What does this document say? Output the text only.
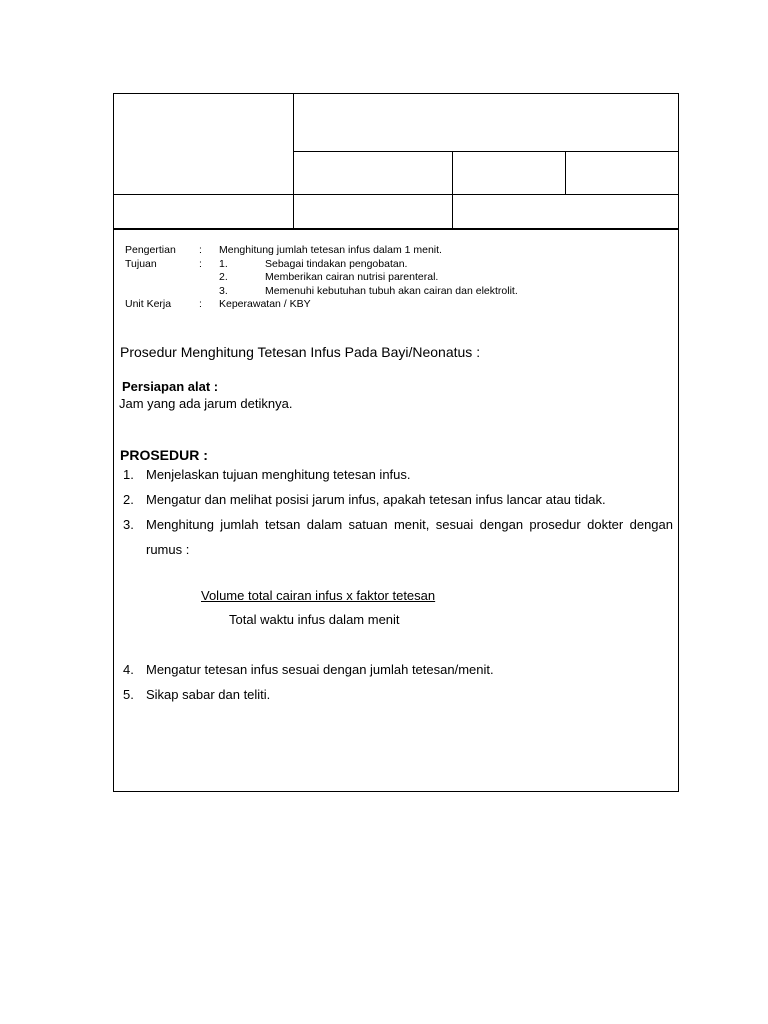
Pengertian : Menghitung jumlah tetesan infus dalam 1 menit.
Tujuan	: 1.	Sebagai tindakan pengobatan.
2.	Memberikan cairan nutrisi parenteral.
3.	Memenuhi kebutuhan tubuh akan cairan dan elektrolit.
Unit Kerja	: Keperawatan / KBY
Prosedur Menghitung Tetesan Infus Pada Bayi/Neonatus :
Persiapan alat :
Jam yang ada jarum detiknya.
PROSEDUR :
1. Menjelaskan tujuan menghitung tetesan infus.
2. Mengatur dan melihat posisi jarum infus, apakah tetesan infus lancar atau tidak.
3. Menghitung jumlah tetsan dalam satuan menit, sesuai dengan prosedur dokter dengan rumus :
Volume total cairan infus x faktor tetesan
Total waktu infus dalam menit
4. Mengatur tetesan infus sesuai dengan jumlah tetesan/menit.
5. Sikap sabar dan teliti.
